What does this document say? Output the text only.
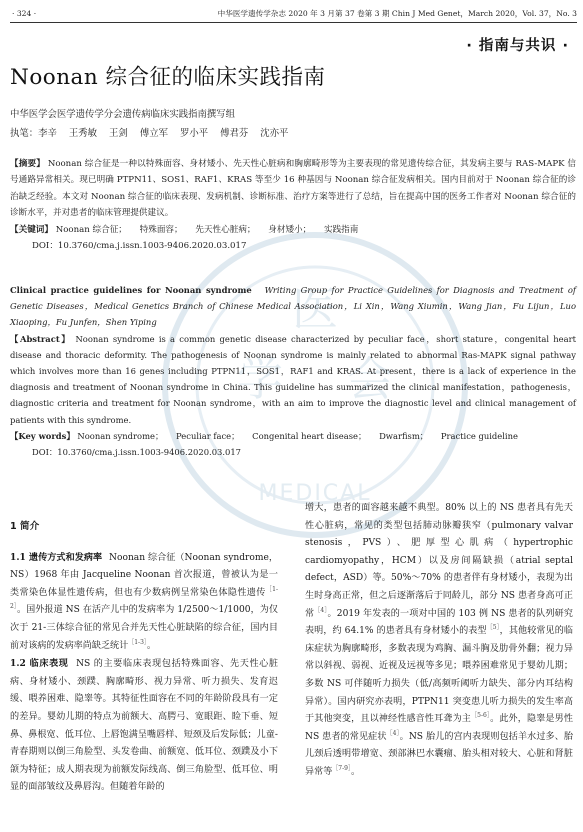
医
学 会
MEDICAL
· 324 ·	中华医学遗传学杂志 2020 年 3 月第 37 卷第 3 期 Chin J Med Genet，March 2020，Vol. 37，No. 3
· 指南与共识 ·
Noonan 综合征的临床实践指南
中华医学会医学遗传学分会遗传病临床实践指南撰写组
执笔：李辛 王秀敏 王剑 傅立军 罗小平 傅君芬 沈亦平
【摘要】 Noonan 综合征是一种以特殊面容、身材矮小、先天性心脏病和胸廓畸形等为主要表现的常见遗传综合征，其发病主要与 RAS-MAPK 信号通路异常相关。现已明确 PTPN11、SOS1、RAF1、KRAS 等至少 16 种基因与 Noonan 综合征发病相关。国内目前对于 Noonan 综合征的诊治缺乏经验。本文对 Noonan 综合征的临床表现、发病机制、诊断标准、治疗方案等进行了总结，旨在提高中国的医务工作者对 Noonan 综合征的诊断水平，并对患者的临床管理提供建议。
【关键词】 Noonan 综合征； 特殊面容； 先天性心脏病； 身材矮小； 实践指南
DOI：10.3760/cma.j.issn.1003-9406.2020.03.017
Clinical practice guidelines for Noonan syndrome Writing Group for Practice Guidelines for Diagnosis and Treatment of Genetic Diseases，Medical Genetics Branch of Chinese Medical Association，Li Xin，Wang Xiumin，Wang Jian，Fu Lijun，Luo Xiaoping，Fu Junfen，Shen Yiping
【Abstract】 Noonan syndrome is a common genetic disease characterized by peculiar face，short stature，congenital heart disease and thoracic deformity. The pathogenesis of Noonan syndrome is mainly related to abnormal Ras-MAPK signal pathway which involves more than 16 genes including PTPN11，SOS1，RAF1 and KRAS. At present，there is a lack of experience in the diagnosis and treatment of Noonan syndrome in China. This guideline has summarized the clinical manifestation，pathogenesis，diagnostic criteria and treatment for Noonan syndrome，with an aim to improve the diagnostic level and clinical management of patients with this syndrome.
【Key words】 Noonan syndrome； Peculiar face； Congenital heart disease； Dwarfism； Practice guideline
DOI：10.3760/cma.j.issn.1003-9406.2020.03.017
1 简介

1.1 遗传方式和发病率 Noonan 综合征（Noonan syndrome，NS）1968 年由 Jacqueline Noonan 首次报道，曾被认为是一类常染色体显性遗传病，但也有少数病例呈常染色体隐性遗传$^{[1-2]}$。国外报道 NS 在活产儿中的发病率为 1/2500～1/1000，为仅次于 21-三体综合征的常见合并先天性心脏缺陷的综合征，国内目前对该病的发病率尚缺乏统计$^{[1-3]}$。

1.2 临床表现 NS 的主要临床表现包括特殊面容、先天性心脏病、身材矮小、颈蹼、胸廓畸形、视力异常、听力损失、发育迟缓、喂养困难、隐睾等。其特征性面容在不同的年龄阶段具有一定的差异。婴幼儿期的特点为前额大、高腭弓、宽眼距、睑下垂、短鼻、鼻根宽、低耳位、上唇饱满呈嘴唇样、短颈及后发际低；儿童-青春期则以倒三角脸型、头发卷曲、前额宽、低耳位、颈蹼及小下颌为特征；成人期表现为前额发际线高、倒三角脸型、低耳位、明显的面部皱纹及鼻唇沟。但随着年龄的

增大，患者的面容越来越不典型。80% 以上的 NS 患者具有先天性心脏病，常见的类型包括肺动脉瓣狭窄（pulmonary valvar stenosis，PVS）、肥厚型心肌病（hypertrophic cardiomyopathy，HCM）以及房间隔缺损（atrial septal defect，ASD）等。50%～70% 的患者伴有身材矮小，表现为出生时身高正常，但之后逐渐落后于同龄儿，部分 NS 患者身高可正常$^{[4]}$。2019 年发表的一项对中国的 103 例 NS 患者的队列研究表明，约 64.1% 的患者具有身材矮小的表型$^{[5]}$，其他较常见的临床症状为胸廓畸形，多数表现为鸡胸、漏斗胸及肋骨外翻；视力异常以斜视、弱视、近视及远视等多见；喂养困难常见于婴幼儿期；多数 NS 可伴随听力损失（低/高频听阈听力缺失、部分内耳结构异常）。国内研究亦表明，PTPN11 突变患儿听力损失的发生率高于其他突变，且以神经性感音性耳聋为主$^{[5-6]}$。此外，隐睾是男性 NS 患者的常见症状$^{[4]}$。NS 胎儿的宫内表现则包括羊水过多、胎儿颈后透明带增宽、颈部淋巴水囊瘤、胎头相对较大、心脏和肾脏异常等$^{[7-9]}$。
